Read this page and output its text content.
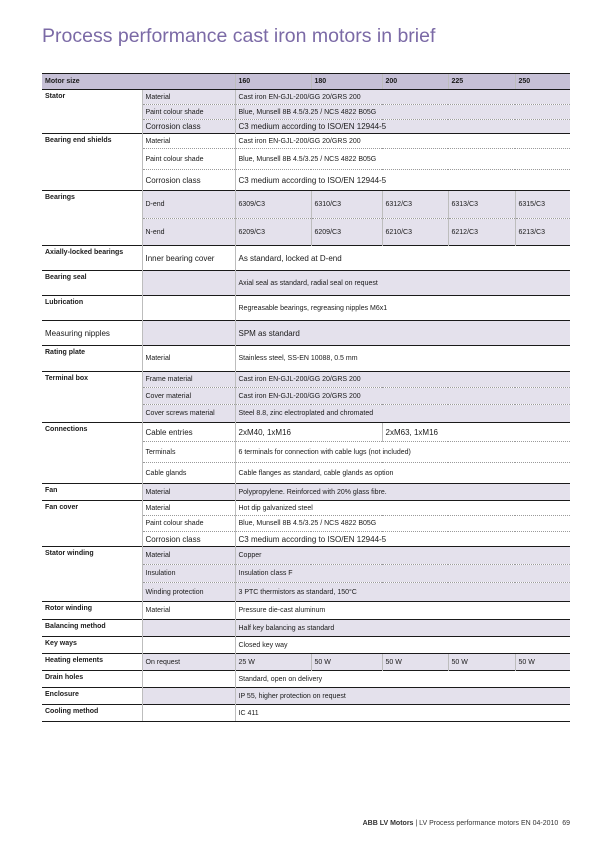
Process performance cast iron motors in brief
Motor size		160	180	200	225	250
Stator	Material	Cast iron EN-GJL-200/GG 20/GRS 200				
	Paint colour shade	Blue, Munsell 8B 4.5/3.25 / NCS 4822 B05G				
	Corrosion class	C3 medium according to ISO/EN 12944-5				
Bearing end shields	Material	Cast iron EN-GJL-200/GG 20/GRS 200				
	Paint colour shade	Blue, Munsell 8B 4.5/3.25 / NCS 4822 B05G				
	Corrosion class	C3 medium according to ISO/EN 12944-5				
Bearings	D-end	6309/C3	6310/C3	6312/C3	6313/C3	6315/C3
	N-end	6209/C3	6209/C3	6210/C3	6212/C3	6213/C3
Axially-locked bearings	Inner bearing cover	As standard, locked at D-end				
Bearing seal		Axial seal as standard, radial seal on request				
Lubrication		Regreasable bearings, regreasing nipples M6x1				
Measuring nipples		SPM as standard				
Rating plate	Material	Stainless steel, SS-EN 10088, 0.5 mm				
Terminal box	Frame material	Cast iron EN-GJL-200/GG 20/GRS 200				
	Cover material	Cast iron EN-GJL-200/GG 20/GRS 200				
	Cover screws material	Steel 8.8, zinc electroplated and chromated				
Connections	Cable entries	2xM40, 1xM16		2xM63, 1xM16		
	Terminals	6 terminals for connection with cable lugs (not included)				
	Cable glands	Cable flanges as standard, cable glands as option				
Fan	Material	Polypropylene. Reinforced with 20% glass fibre.				
Fan cover	Material	Hot dip galvanized steel				
	Paint colour shade	Blue, Munsell 8B 4.5/3.25 / NCS 4822 B05G				
	Corrosion class	C3 medium according to ISO/EN 12944-5				
Stator winding	Material	Copper				
	Insulation	Insulation class F				
	Winding protection	3 PTC thermistors as standard, 150°C				
Rotor winding	Material	Pressure die-cast aluminum				
Balancing method		Half key balancing as standard				
Key ways		Closed key way				
Heating elements	On request	25 W	50 W	50 W	50 W	50 W
Drain holes		Standard, open on delivery				
Enclosure		IP 55, higher protection on request				
Cooling method		IC 411				
ABB LV Motors | LV Process performance motors EN 04-2010 69
